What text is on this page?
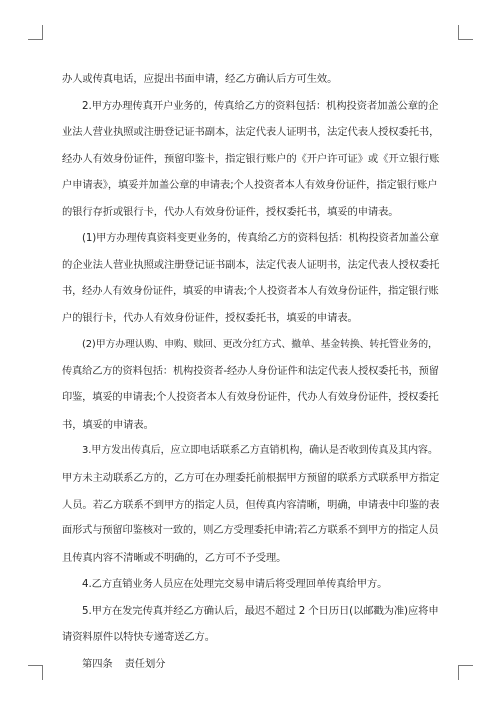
办人或传真电话，应提出书面申请，经乙方确认后方可生效。
2.甲方办理传真开户业务的，传真给乙方的资料包括：机构投资者加盖公章的企
业法人营业执照或注册登记证书副本，法定代表人证明书，法定代表人授权委托书，
经办人有效身份证件，预留印鉴卡，指定银行账户的《开户许可证》或《开立银行账
户申请表》，填妥并加盖公章的申请表;个人投资者本人有效身份证件，指定银行账户
的银行存折或银行卡，代办人有效身份证件，授权委托书，填妥的申请表。
(1)甲方办理传真资料变更业务的，传真给乙方的资料包括：机构投资者加盖公章
的企业法人营业执照或注册登记证书副本，法定代表人证明书，法定代表人授权委托
书，经办人有效身份证件，填妥的申请表;个人投资者本人有效身份证件，指定银行账
户的银行卡，代办人有效身份证件，授权委托书，填妥的申请表。
(2)甲方办理认购、申购、赎回、更改分红方式、撤单、基金转换、转托管业务的，
传真给乙方的资料包括：机构投资者-经办人身份证件和法定代表人授权委托书，预留
印鉴，填妥的申请表;个人投资者本人有效身份证件，代办人有效身份证件，授权委托
书，填妥的申请表。
3.甲方发出传真后，应立即电话联系乙方直销机构，确认是否收到传真及其内容。
甲方未主动联系乙方的，乙方可在办理委托前根据甲方预留的联系方式联系甲方指定
人员。若乙方联系不到甲方的指定人员，但传真内容清晰，明确，申请表中印鉴的表
面形式与预留印鉴核对一致的，则乙方受理委托申请;若乙方联系不到甲方的指定人员
且传真内容不清晰或不明确的，乙方可不予受理。
4.乙方直销业务人员应在处理完交易申请后将受理回单传真给甲方。
5.甲方在发完传真并经乙方确认后，最迟不超过 2 个日历日(以邮戳为准)应将申
请资料原件以特快专递寄送乙方。
第四条 责任划分
